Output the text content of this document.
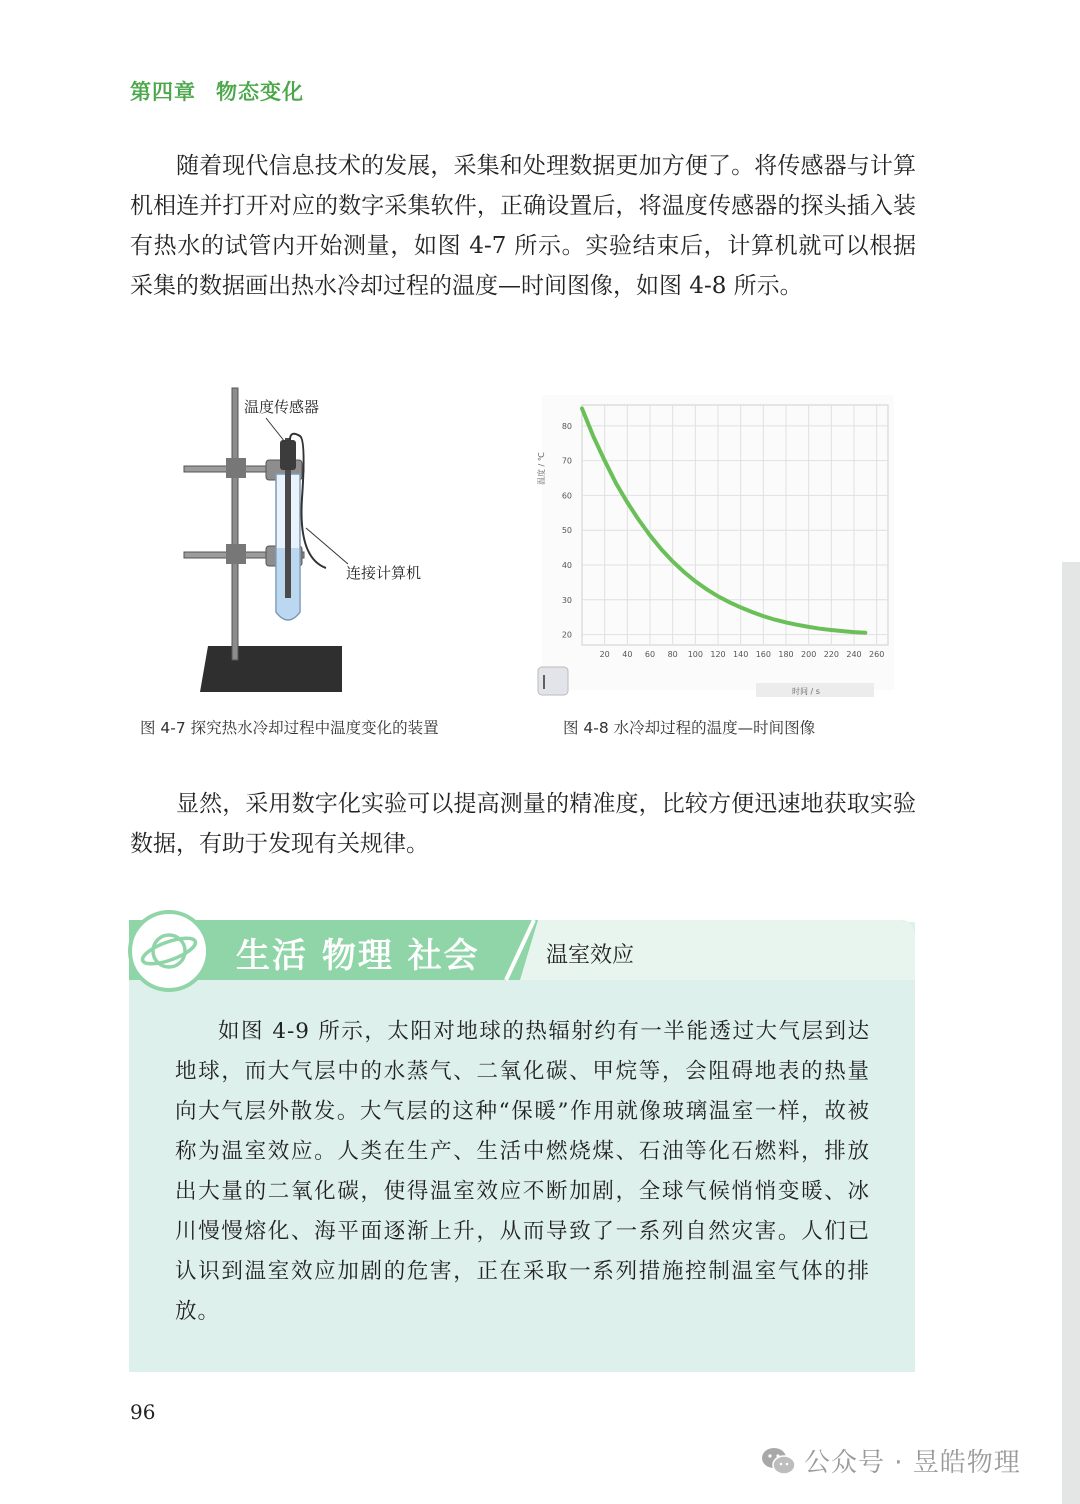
第四章 物态变化

随着现代信息技术的发展，采集和处理数据更加方便了。将传感器与计算机相连并打开对应的数字采集软件，正确设置后，将温度传感器的探头插入装有热水的试管内开始测量，如图 4-7 所示。实验结束后，计算机就可以根据采集的数据画出热水冷却过程的温度—时间图像，如图 4-8 所示。

温度传感器
连接计算机
图 4-7 探究热水冷却过程中温度变化的装置
20 40 60 80 100 120 140 160 180 200 220 240 260
20
30
40
50
60
70
80
温度 / ℃
时间 / s
图 4-8 水冷却过程的温度—时间图像

显然，采用数字化实验可以提高测量的精准度，比较方便迅速地获取实验数据，有助于发现有关规律。

生活 物理 社会	温室效应

如图 4-9 所示，太阳对地球的热辐射约有一半能透过大气层到达地球，而大气层中的水蒸气、二氧化碳、甲烷等，会阻碍地表的热量向大气层外散发。大气层的这种“保暖”作用就像玻璃温室一样，故被称为温室效应。人类在生产、生活中燃烧煤、石油等化石燃料，排放出大量的二氧化碳，使得温室效应不断加剧，全球气候悄悄变暖、冰川慢慢熔化、海平面逐渐上升，从而导致了一系列自然灾害。人们已认识到温室效应加剧的危害，正在采取一系列措施控制温室气体的排放。

96
公众号 · 昱皓物理
